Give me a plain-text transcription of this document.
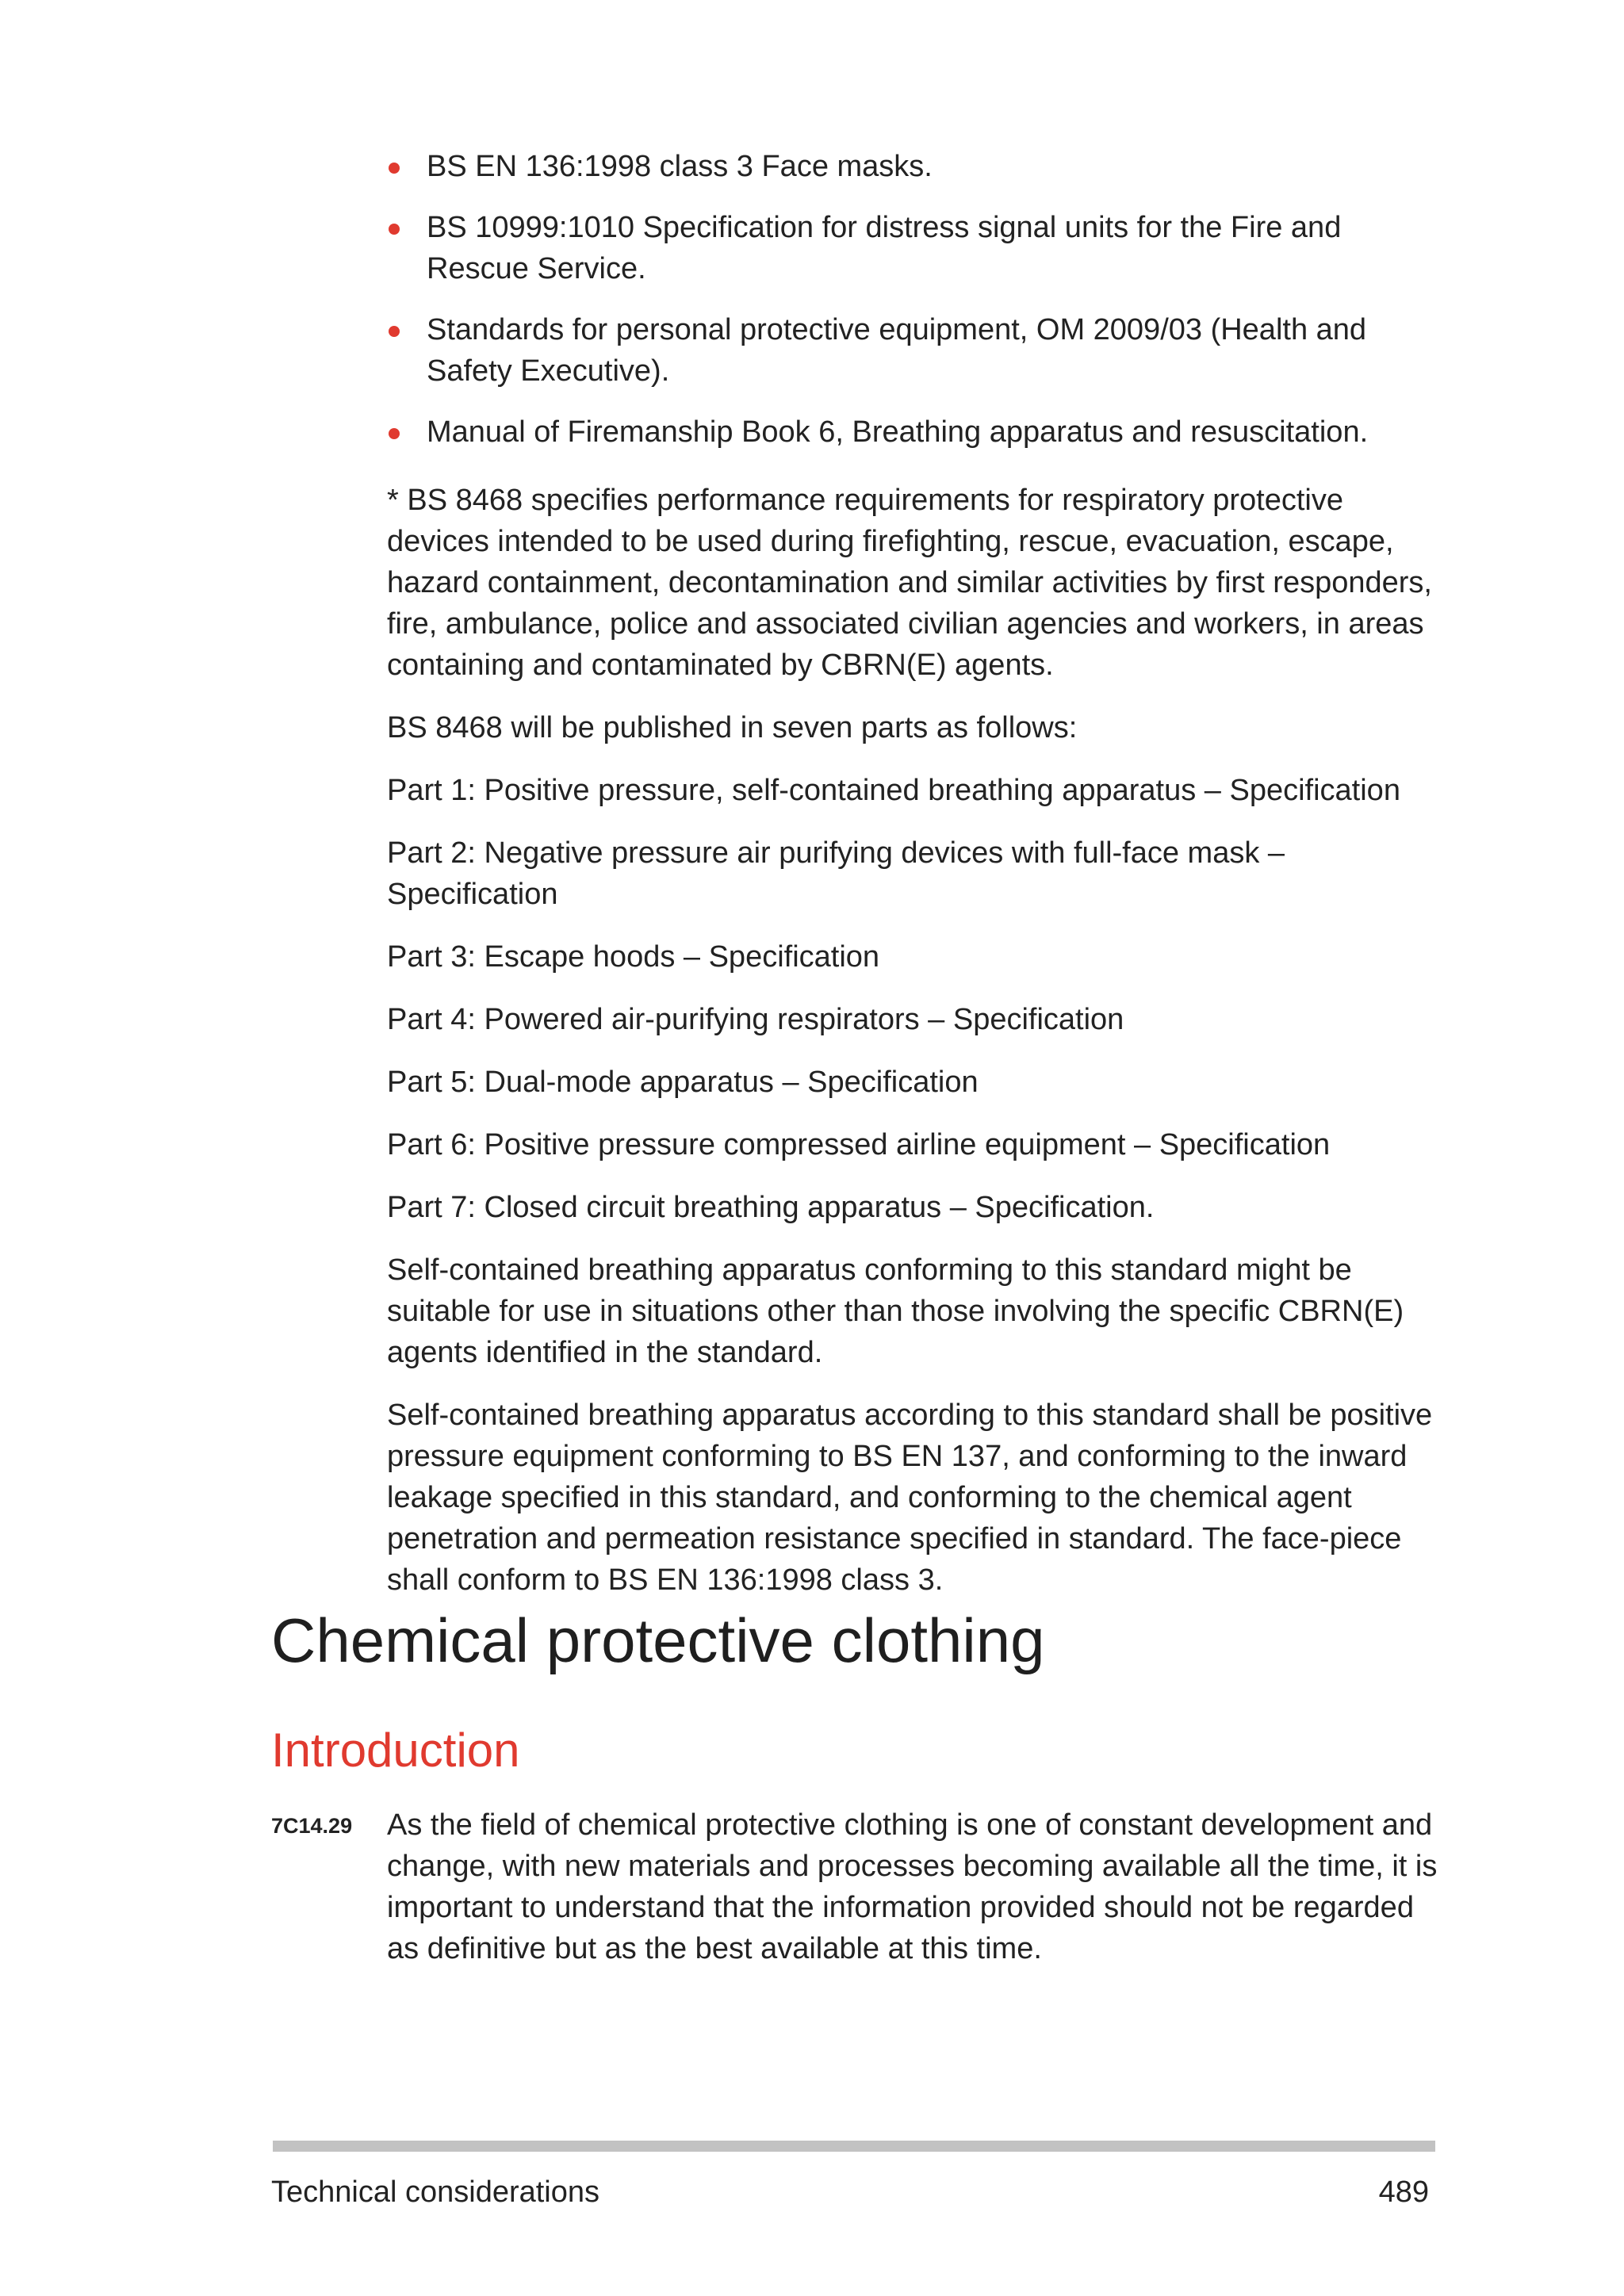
BS EN 136:1998 class 3 Face masks.
BS 10999:1010 Specification for distress signal units for the Fire and Rescue Service.
Standards for personal protective equipment, OM 2009/03 (Health and Safety Executive).
Manual of Firemanship Book 6, Breathing apparatus and resuscitation.

* BS 8468 specifies performance requirements for respiratory protective devices intended to be used during firefighting, rescue, evacuation, escape, hazard containment, decontamination and similar activities by first responders, fire, ambulance, police and associated civilian agencies and workers, in areas containing and contaminated by CBRN(E) agents.

BS 8468 will be published in seven parts as follows:

Part 1: Positive pressure, self-contained breathing apparatus – Specification

Part 2: Negative pressure air purifying devices with full-face mask – Specification

Part 3: Escape hoods – Specification

Part 4: Powered air-purifying respirators – Specification

Part 5: Dual-mode apparatus – Specification

Part 6: Positive pressure compressed airline equipment – Specification

Part 7: Closed circuit breathing apparatus – Specification.

Self-contained breathing apparatus conforming to this standard might be suitable for use in situations other than those involving the specific CBRN(E) agents identified in the standard.

Self-contained breathing apparatus according to this standard shall be positive pressure equipment conforming to BS EN 137, and conforming to the inward leakage specified in this standard, and conforming to the chemical agent penetration and permeation resistance specified in standard. The face-piece shall conform to BS EN 136:1998 class 3.

Chemical protective clothing
Introduction
7C14.29 As the field of chemical protective clothing is one of constant development and change, with new materials and processes becoming available all the time, it is important to understand that the information provided should not be regarded as definitive but as the best available at this time.

Technical considerations	489
